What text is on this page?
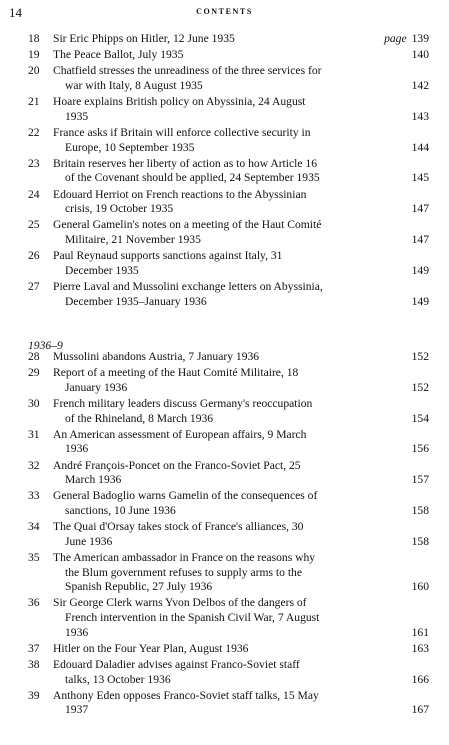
14	CONTENTS
1936–9
18	Sir Eric Phipps on Hitler, 12 June 1935	page 139
19	The Peace Ballot, July 1935	140
20	Chatfield stresses the unreadiness of the three services for
war with Italy, 8 August 1935	142
21	Hoare explains British policy on Abyssinia, 24 August
1935	143
22	France asks if Britain will enforce collective security in
Europe, 10 September 1935	144
23	Britain reserves her liberty of action as to how Article 16
of the Covenant should be applied, 24 September 1935	145
24	Edouard Herriot on French reactions to the Abyssinian
crisis, 19 October 1935	147
25	General Gamelin's notes on a meeting of the Haut Comité
Militaire, 21 November 1935	147
26	Paul Reynaud supports sanctions against Italy, 31
December 1935	149
27	Pierre Laval and Mussolini exchange letters on Abyssinia,
December 1935–January 1936	149
28	Mussolini abandons Austria, 7 January 1936	152
29	Report of a meeting of the Haut Comité Militaire, 18
January 1936	152
30	French military leaders discuss Germany's reoccupation
of the Rhineland, 8 March 1936	154
31	An American assessment of European affairs, 9 March
1936	156
32	André François-Poncet on the Franco-Soviet Pact, 25
March 1936	157
33	General Badoglio warns Gamelin of the consequences of
sanctions, 10 June 1936	158
34	The Quai d'Orsay takes stock of France's alliances, 30
June 1936	158
35	The American ambassador in France on the reasons why
the Blum government refuses to supply arms to the
Spanish Republic, 27 July 1936	160
36	Sir George Clerk warns Yvon Delbos of the dangers of
French intervention in the Spanish Civil War, 7 August
1936	161
37	Hitler on the Four Year Plan, August 1936	163
38	Edouard Daladier advises against Franco-Soviet staff
talks, 13 October 1936	166
39	Anthony Eden opposes Franco-Soviet staff talks, 15 May
1937	167
